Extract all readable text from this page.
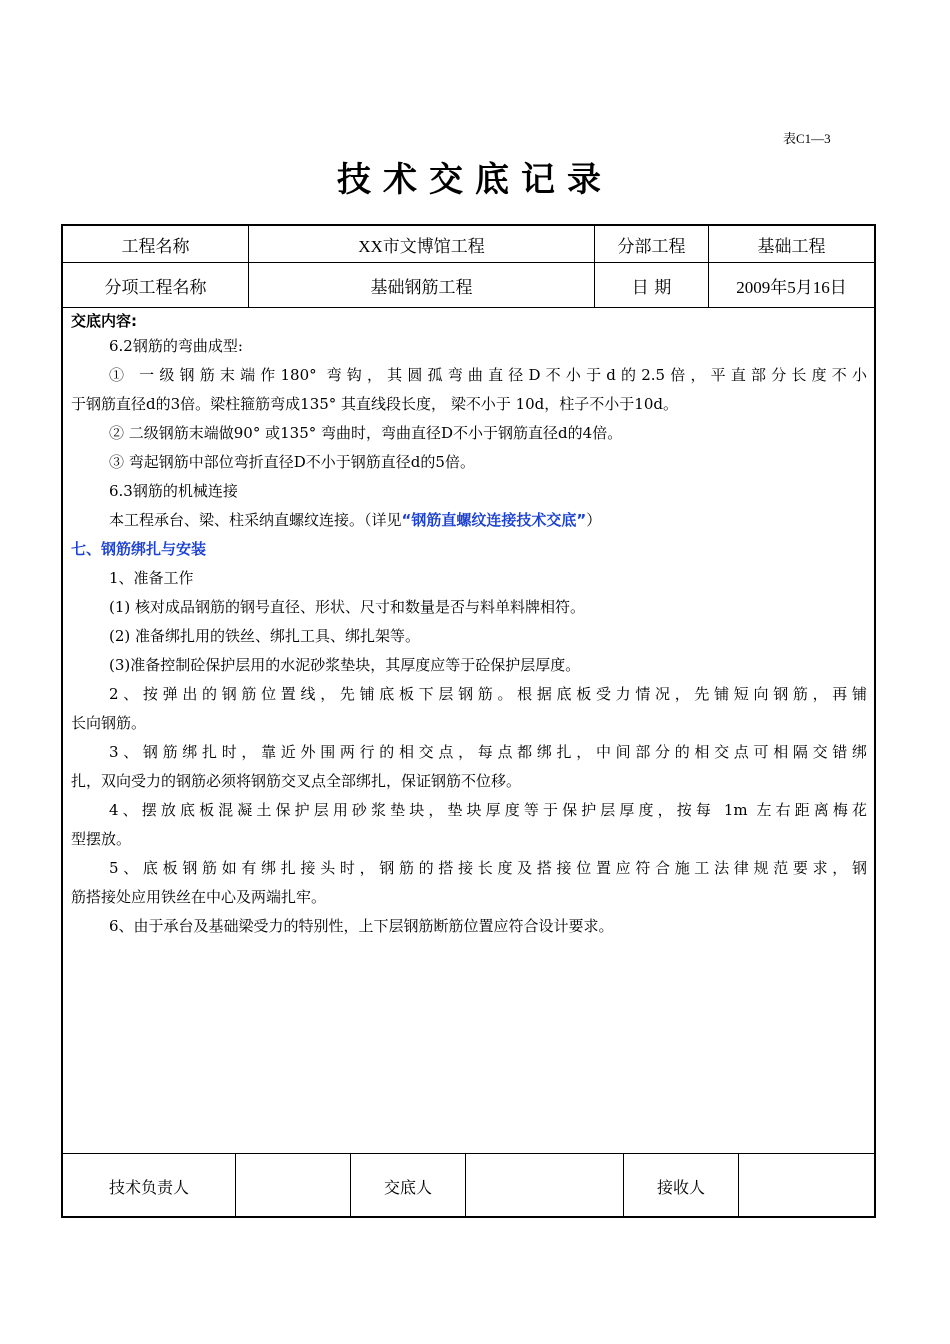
表C1—3
技术交底记录
工程名称	XX市文博馆工程	分部工程	基础工程
分项工程名称	基础钢筋工程	日 期	2009年5月16日

交底内容:

6.2钢筋的弯曲成型:

① 一级钢筋末端作180° 弯钩，其圆孤弯曲直径D不小于d的2.5倍，平直部分长度不小

于钢筋直径d的3倍。梁柱箍筋弯成135° 其直线段长度， 梁不小于 10d，柱子不小于10d。

② 二级钢筋末端做90° 或135° 弯曲时，弯曲直径D不小于钢筋直径d的4倍。

③ 弯起钢筋中部位弯折直径D不小于钢筋直径d的5倍。

6.3钢筋的机械连接

本工程承台、梁、柱采纳直螺纹连接。（详见“钢筋直螺纹连接技术交底”）

七、钢筋绑扎与安装

1、准备工作

(1) 核对成品钢筋的钢号直径、形状、尺寸和数量是否与料单料牌相符。

(2) 准备绑扎用的铁丝、绑扎工具、绑扎架等。

(3)准备控制砼保护层用的水泥砂浆垫块，其厚度应等于砼保护层厚度。

2、按弹出的钢筋位置线，先铺底板下层钢筋。根据底板受力情况，先铺短向钢筋，再铺

长向钢筋。

3、钢筋绑扎时，靠近外围两行的相交点，每点都绑扎，中间部分的相交点可相隔交错绑

扎，双向受力的钢筋必须将钢筋交叉点全部绑扎，保证钢筋不位移。

4、摆放底板混凝土保护层用砂浆垫块，垫块厚度等于保护层厚度，按每 1m 左右距离梅花

型摆放。

5、底板钢筋如有绑扎接头时，钢筋的搭接长度及搭接位置应符合施工法律规范要求，钢

筋搭接处应用铁丝在中心及两端扎牢。

6、由于承台及基础梁受力的特别性，上下层钢筋断筋位置应符合设计要求。

技术负责人	交底人	接收人
